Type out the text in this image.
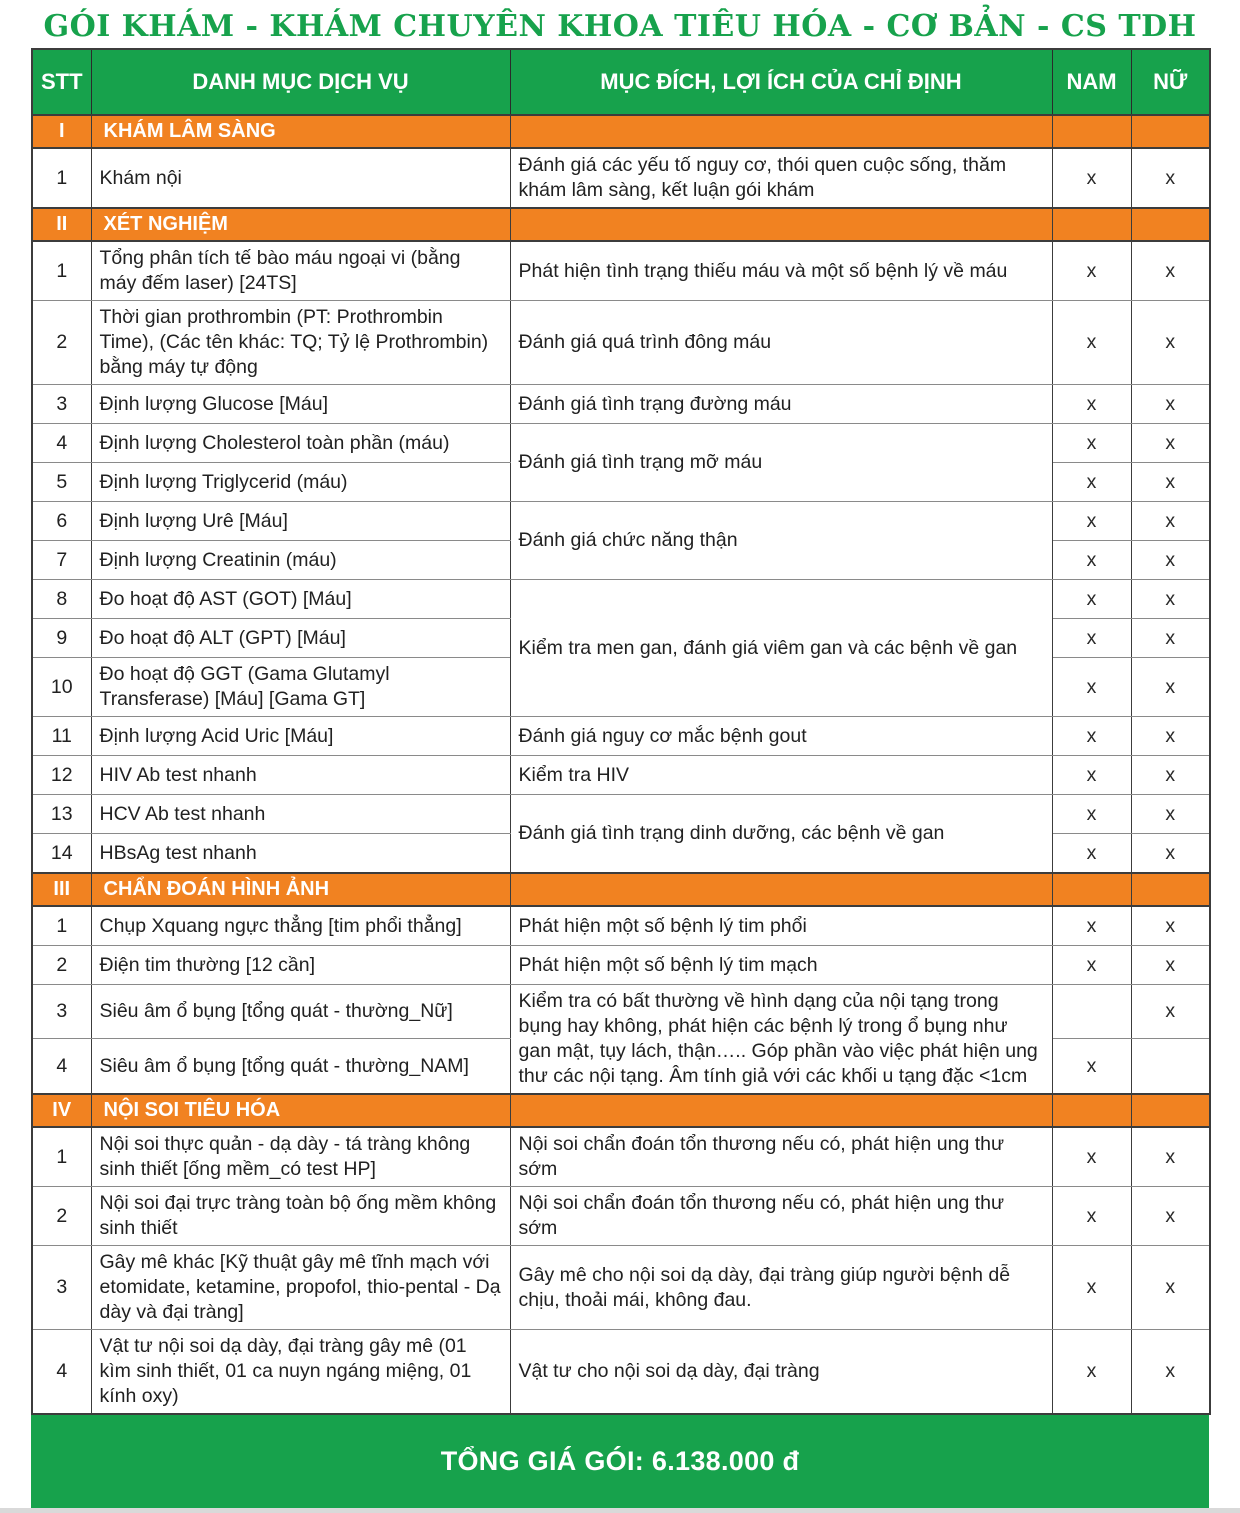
GÓI KHÁM - KHÁM CHUYÊN KHOA TIÊU HÓA - CƠ BẢN - CS TDH
STT	DANH MỤC DỊCH VỤ	MỤC ĐÍCH, LỢI ÍCH CỦA CHỈ ĐỊNH	NAM	NỮ
I	KHÁM LÂM SÀNG			
1	Khám nội	Đánh giá các yếu tố nguy cơ, thói quen cuộc sống, thăm khám lâm sàng, kết luận gói khám	x	x
II	XÉT NGHIỆM			
1	Tổng phân tích tế bào máu ngoại vi (bằng máy đếm laser) [24TS]	Phát hiện tình trạng thiếu máu và một số bệnh lý về máu	x	x
2	Thời gian prothrombin (PT: Prothrombin Time), (Các tên khác: TQ; Tỷ lệ Prothrombin) bằng máy tự động	Đánh giá quá trình đông máu	x	x
3	Định lượng Glucose [Máu]	Đánh giá tình trạng đường máu	x	x
4	Định lượng Cholesterol toàn phần (máu)	Đánh giá tình trạng mỡ máu	x	x
5	Định lượng Triglycerid (máu)		x	x
6	Định lượng Urê [Máu]	Đánh giá chức năng thận	x	x
7	Định lượng Creatinin (máu)		x	x
8	Đo hoạt độ AST (GOT) [Máu]	Kiểm tra men gan, đánh giá viêm gan và các bệnh về gan	x	x
9	Đo hoạt độ ALT (GPT) [Máu]		x	x
10	Đo hoạt độ GGT (Gama Glutamyl Transferase) [Máu] [Gama GT]		x	x
11	Định lượng Acid Uric [Máu]	Đánh giá nguy cơ mắc bệnh gout	x	x
12	HIV Ab test nhanh	Kiểm tra HIV	x	x
13	HCV Ab test nhanh	Đánh giá tình trạng dinh dưỡng, các bệnh về gan	x	x
14	HBsAg test nhanh		x	x
III	CHẨN ĐOÁN HÌNH ẢNH			
1	Chụp Xquang ngực thẳng [tim phổi thẳng]	Phát hiện một số bệnh lý tim phổi	x	x
2	Điện tim thường [12 cần]	Phát hiện một số bệnh lý tim mạch	x	x
3	Siêu âm ổ bụng [tổng quát - thường_Nữ]	Kiểm tra có bất thường về hình dạng của nội tạng trong bụng hay không, phát hiện các bệnh lý trong ổ bụng như gan mật, tụy lách, thận….. Góp phần vào việc phát hiện ung thư các nội tạng. Âm tính giả với các khối u tạng đặc <1cm		x
4	Siêu âm ổ bụng [tổng quát - thường_NAM]		x	
IV	NỘI SOI TIÊU HÓA			
1	Nội soi thực quản - dạ dày - tá tràng không sinh thiết [ống mềm_có test HP]	Nội soi chẩn đoán tổn thương nếu có, phát hiện ung thư sớm	x	x
2	Nội soi đại trực tràng toàn bộ ống mềm không sinh thiết	Nội soi chẩn đoán tổn thương nếu có, phát hiện ung thư sớm	x	x
3	Gây mê khác [Kỹ thuật gây mê tĩnh mạch với etomidate, ketamine, propofol, thio-pental - Dạ dày và đại tràng]	Gây mê cho nội soi dạ dày, đại tràng giúp người bệnh dễ chịu, thoải mái, không đau.	x	x
4	Vật tư nội soi dạ dày, đại tràng gây mê (01 kìm sinh thiết, 01 ca nuyn ngáng miệng, 01 kính oxy)	Vật tư cho nội soi dạ dày, đại tràng	x	x
TỔNG GIÁ GÓI: 6.138.000 đ
